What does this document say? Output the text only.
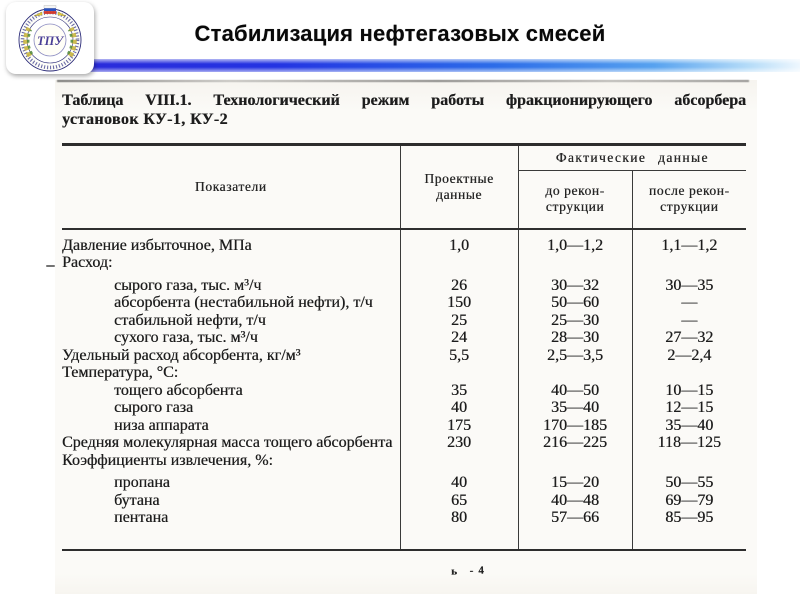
ТПУ	Стабилизация нефтегазовых смесей
Таблица VIII.1. Технологический режим работы фракционирующего абсорбера
установок КУ-1, КУ-2
Показатели	Проектные данные	Фактические данные	
		до рекон-струкции	после рекон-струкции
Давление избыточное, МПа	1,0	1,0—1,2	1,1—1,2
Расход:			
сырого газа, тыс. м³/ч	26	30—32	30—35
абсорбента (нестабильной нефти), т/ч	150	50—60	—
стабильной нефти, т/ч	25	25—30	—
сухого газа, тыс. м³/ч	24	28—30	27—32
Удельный расход абсорбента, кг/м³	5,5	2,5—3,5	2—2,4
Температура, °С:			
тощего абсорбента	35	40—50	10—15
сырого газа	40	35—40	12—15
низа аппарата	175	170—185	35—40
Средняя молекулярная масса тощего абсорбента	230	216—225	118—125
Коэффициенты извлечения, %:			
пропана	40	15—20	50—55
бутана	65	40—48	69—79
пентана	80	57—66	85—95
ь -4
